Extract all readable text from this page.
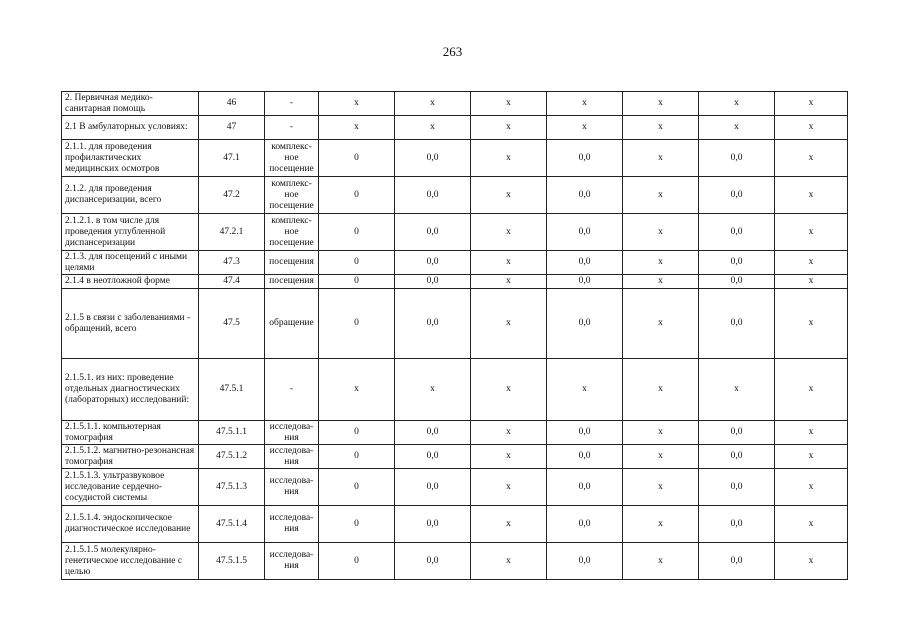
263
2. Первичная медико-санитарная помощь	46	-	х	х	х	х	х	х	х
2.1 В амбулаторных условиях:	47	-	х	х	х	х	х	х	х
2.1.1. для проведения профилактических медицинских осмотров	47.1	комплекс-ное посещение	0	0,0	х	0,0	х	0,0	х
2.1.2. для проведения диспансеризации, всего	47.2	комплекс-ное посещение	0	0,0	х	0,0	х	0,0	х
2.1.2.1. в том числе для проведения углубленной диспансеризации	47.2.1	комплекс-ное посещение	0	0,0	х	0,0	х	0,0	х
2.1.3. для посещений с иными целями	47.3	посещения	0	0,0	х	0,0	х	0,0	х
2.1.4 в неотложной форме	47.4	посещения	0	0,0	х	0,0	х	0,0	х
2.1.5 в связи с заболеваниями - обращений, всего	47.5	обращение	0	0,0	х	0,0	х	0,0	х
2.1.5.1. из них: проведение отдельных диагностических (лабораторных) исследований:	47.5.1	-	х	х	х	х	х	х	х
2.1.5.1.1. компьютерная томография	47.5.1.1	исследова-ния	0	0,0	х	0,0	х	0,0	х
2.1.5.1.2. магнитно-резонансная томография	47.5.1.2	исследова-ния	0	0,0	х	0,0	х	0,0	х
2.1.5.1.3. ультразвуковое исследование сердечно-сосудистой системы	47.5.1.3	исследова-ния	0	0,0	х	0,0	х	0,0	х
2.1.5.1.4. эндоскопическое диагностическое исследование	47.5.1.4	исследова-ния	0	0,0	х	0,0	х	0,0	х
2.1.5.1.5 молекулярно-генетическое исследование с целью	47.5.1.5	исследова-ния	0	0,0	х	0,0	х	0,0	х
